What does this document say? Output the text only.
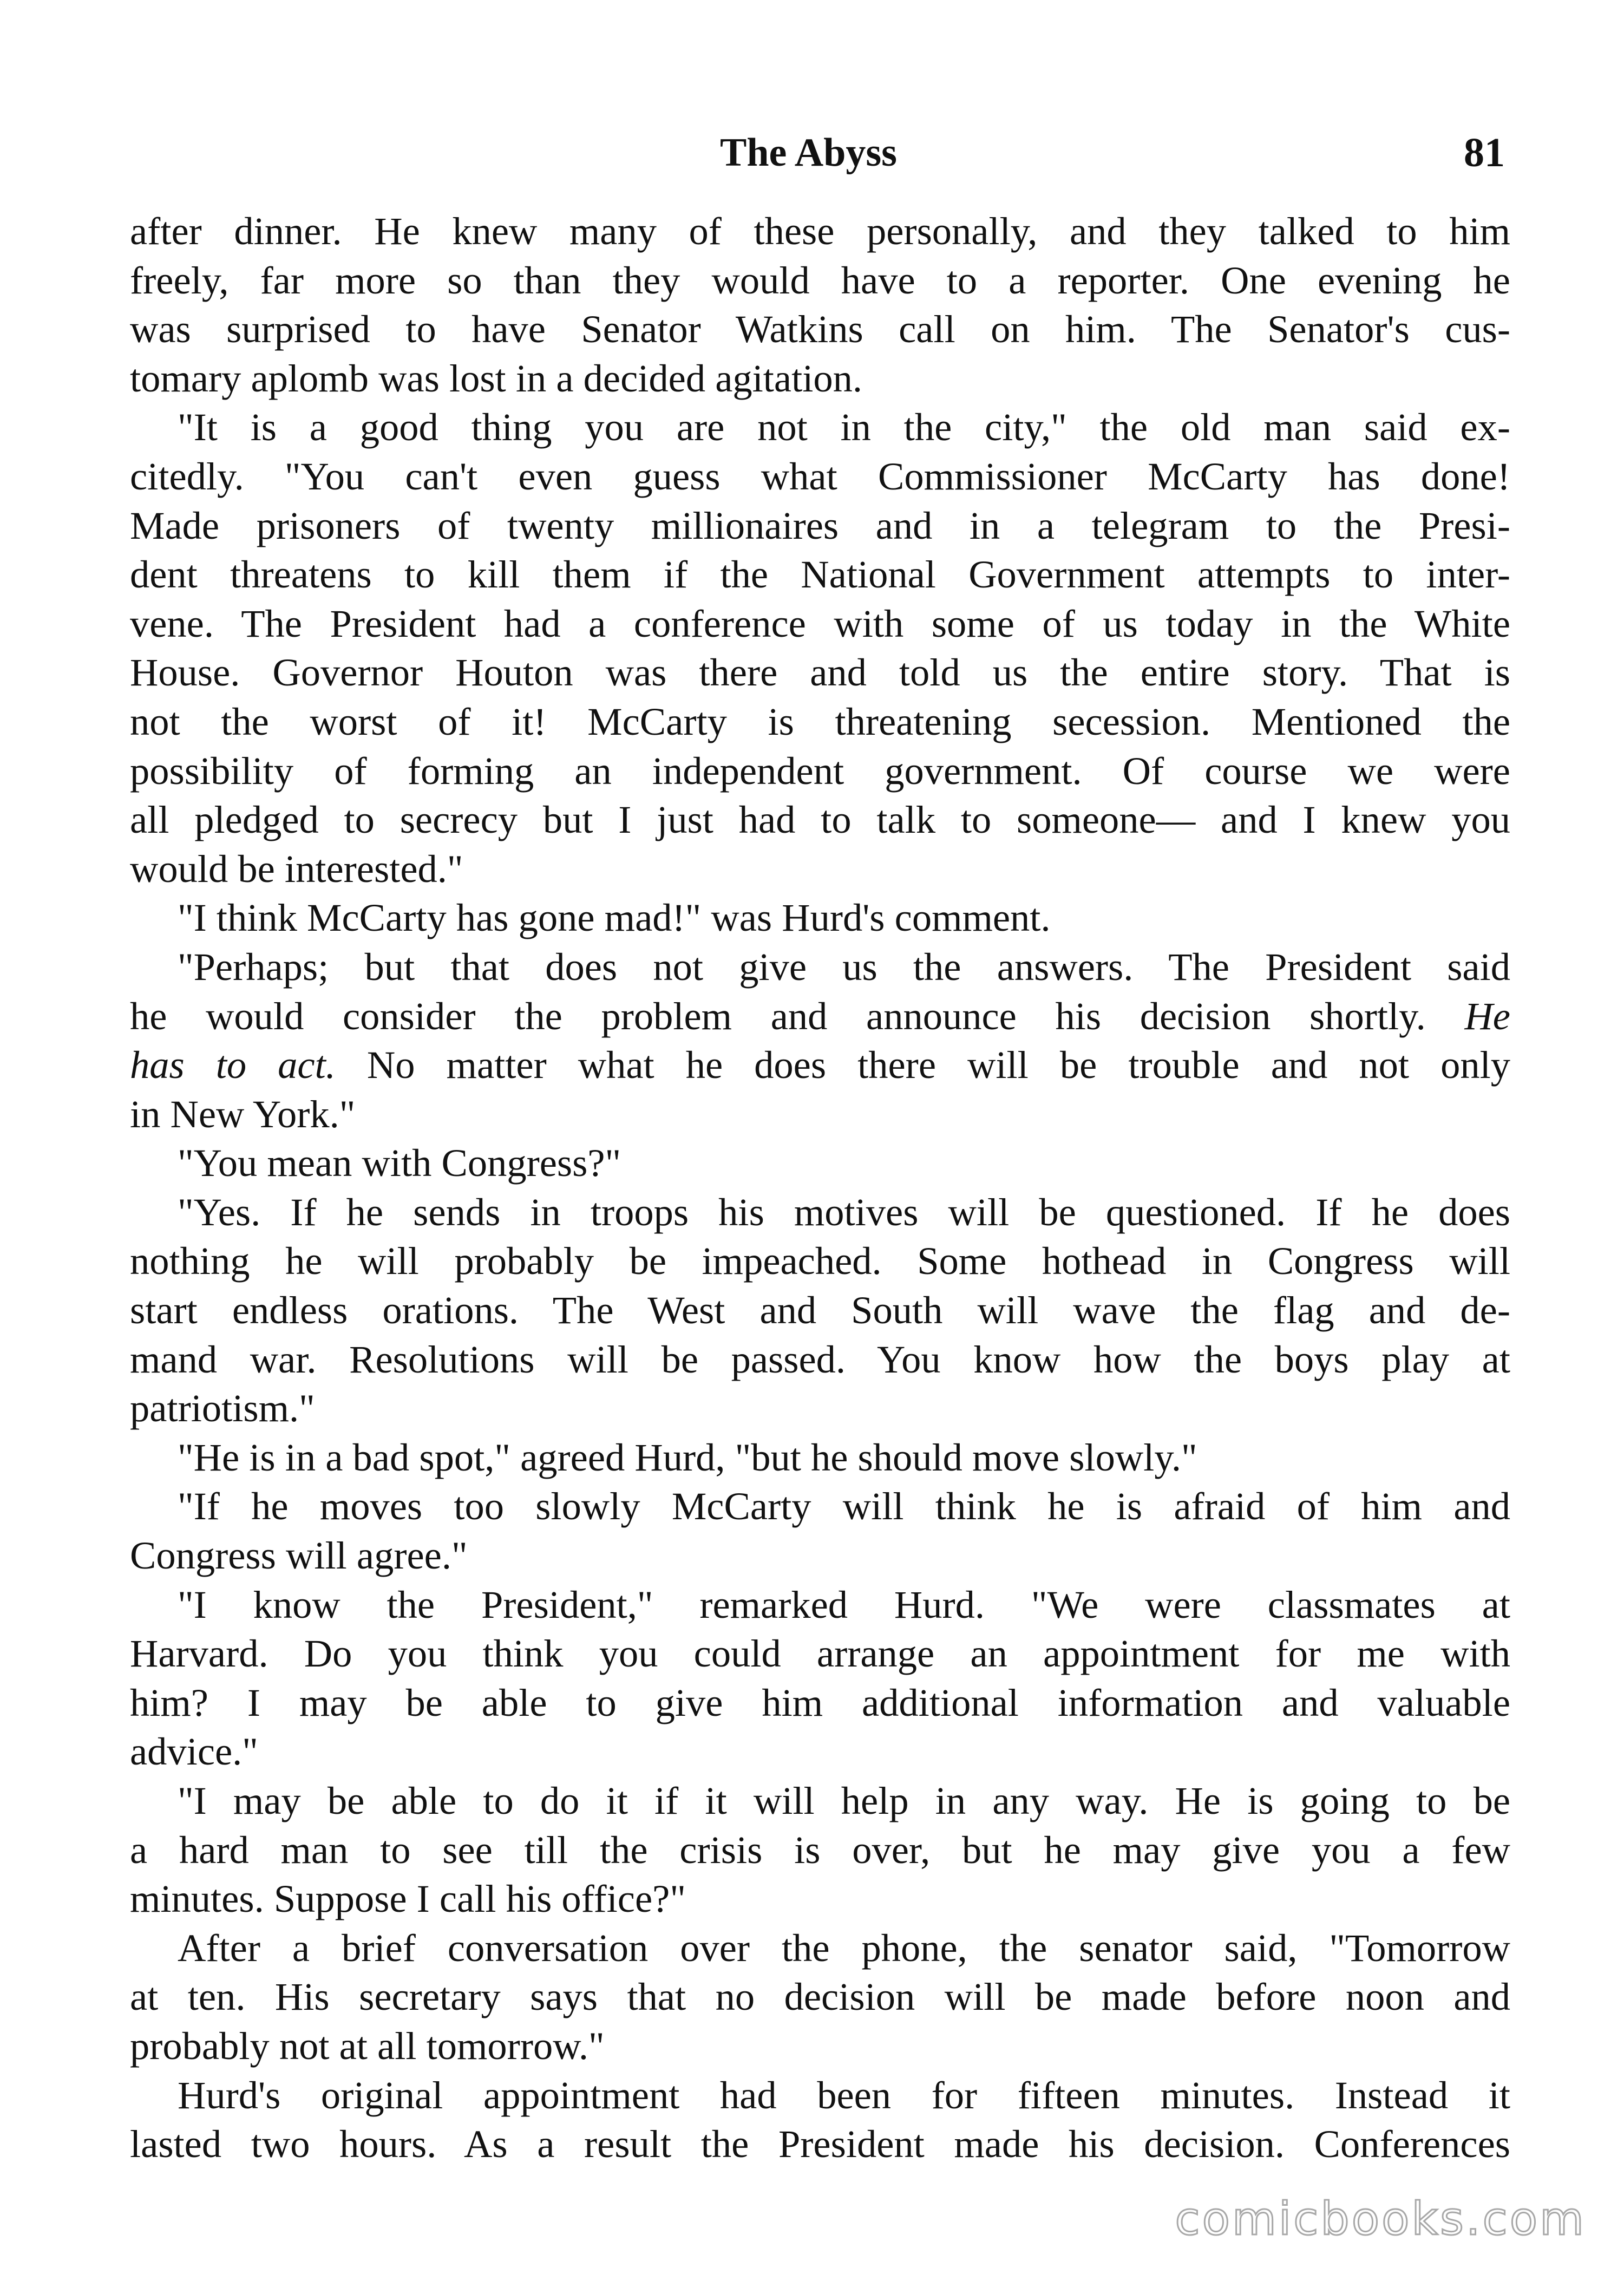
The Abyss	81
after dinner. He knew many of these personally, and they talked to him
freely, far more so than they would have to a reporter. One evening he
was surprised to have Senator Watkins call on him. The Senator's cus-
tomary aplomb was lost in a decided agitation.
"It is a good thing you are not in the city," the old man said ex-
citedly. "You can't even guess what Commissioner McCarty has done!
Made prisoners of twenty millionaires and in a telegram to the Presi-
dent threatens to kill them if the National Government attempts to inter-
vene. The President had a conference with some of us today in the White
House. Governor Houton was there and told us the entire story. That is
not the worst of it! McCarty is threatening secession. Mentioned the
possibility of forming an independent government. Of course we were
all pledged to secrecy but I just had to talk to someone— and I knew you
would be interested."
"I think McCarty has gone mad!" was Hurd's comment.
"Perhaps; but that does not give us the answers. The President said
he would consider the problem and announce his decision shortly. He
has to act. No matter what he does there will be trouble and not only
in New York."
"You mean with Congress?"
"Yes. If he sends in troops his motives will be questioned. If he does
nothing he will probably be impeached. Some hothead in Congress will
start endless orations. The West and South will wave the flag and de-
mand war. Resolutions will be passed. You know how the boys play at
patriotism."
"He is in a bad spot," agreed Hurd, "but he should move slowly."
"If he moves too slowly McCarty will think he is afraid of him and
Congress will agree."
"I know the President," remarked Hurd. "We were classmates at
Harvard. Do you think you could arrange an appointment for me with
him? I may be able to give him additional information and valuable
advice."
"I may be able to do it if it will help in any way. He is going to be
a hard man to see till the crisis is over, but he may give you a few
minutes. Suppose I call his office?"
After a brief conversation over the phone, the senator said, "Tomorrow
at ten. His secretary says that no decision will be made before noon and
probably not at all tomorrow."
Hurd's original appointment had been for fifteen minutes. Instead it
lasted two hours. As a result the President made his decision. Conferences
comicbooks.com
